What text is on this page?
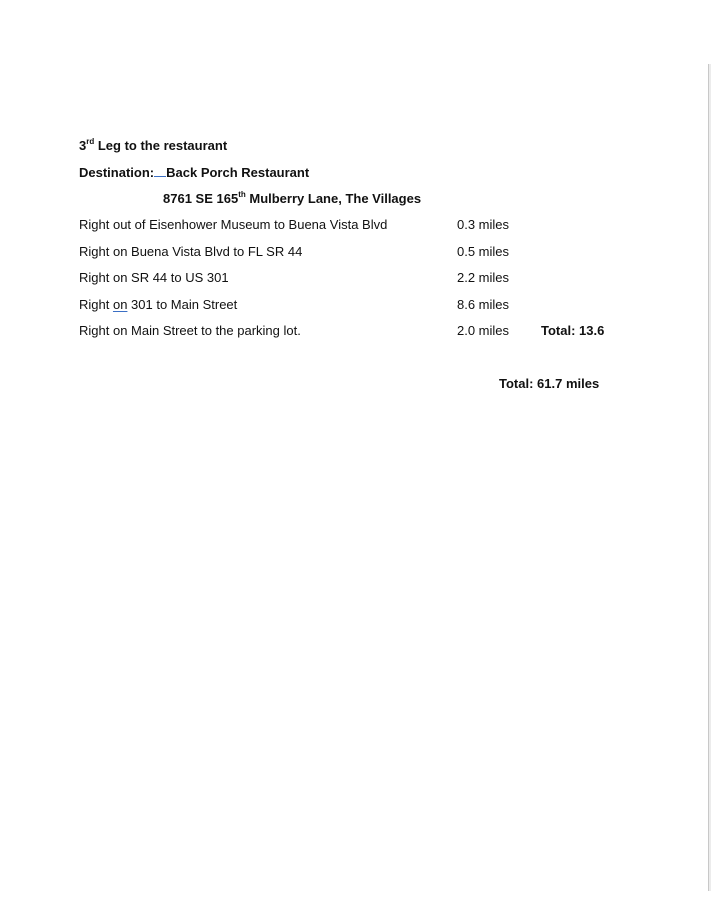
3rd Leg to the restaurant
Destination: Back Porch Restaurant
8761 SE 165th Mulberry Lane, The Villages
Right out of Eisenhower Museum to Buena Vista Blvd	0.3 miles
Right on Buena Vista Blvd to FL SR 44	0.5 miles
Right on SR 44 to US 301	2.2 miles
Right on 301 to Main Street	8.6 miles
Right on Main Street to the parking lot.	2.0 miles Total: 13.6
Total: 61.7 miles
